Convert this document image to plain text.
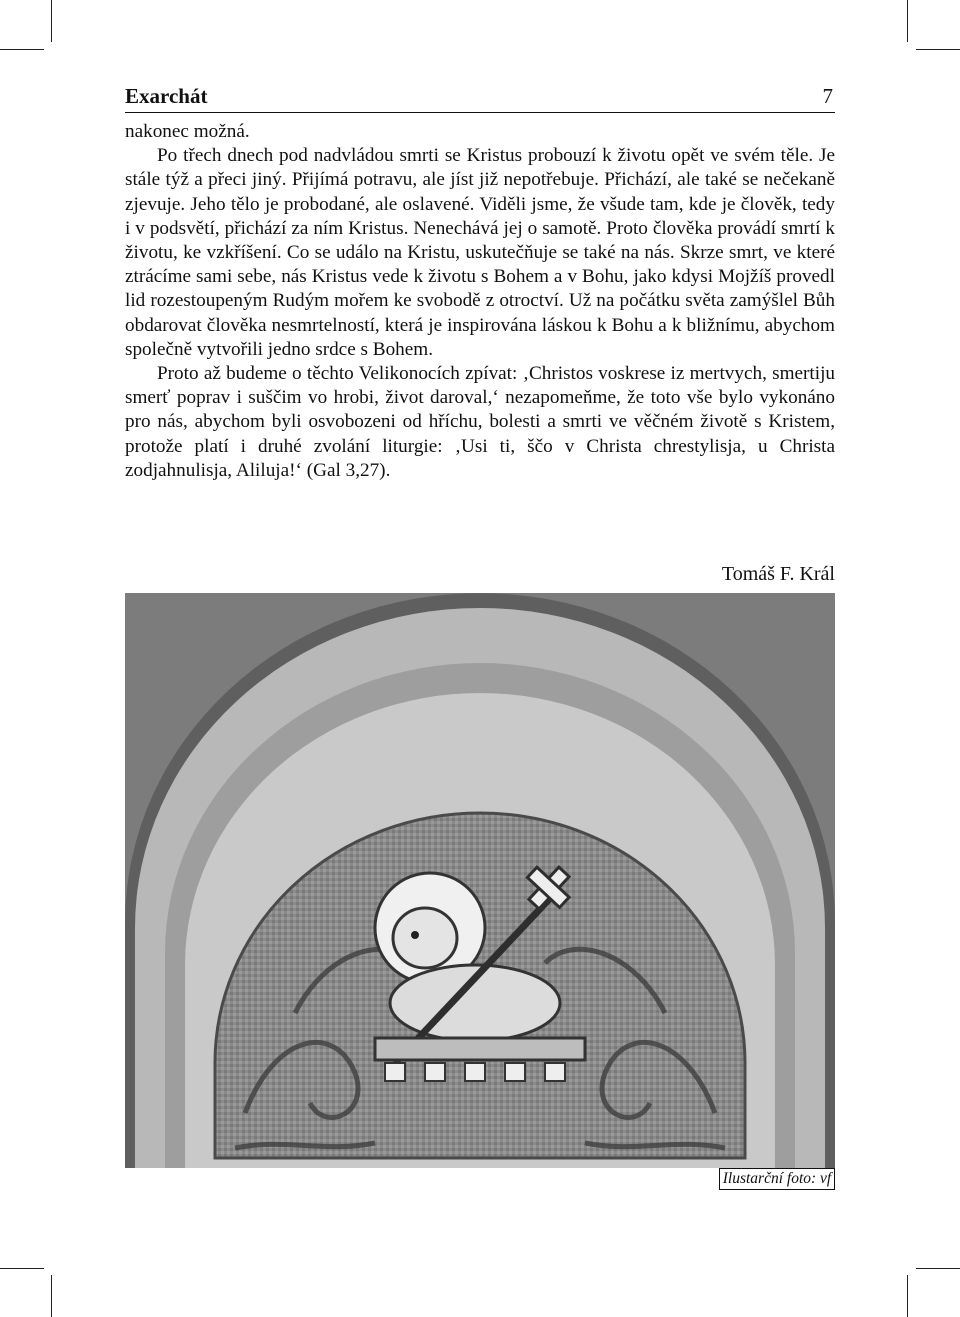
Exarchát	7

nakonec možná.

Po třech dnech pod nadvládou smrti se Kristus probouzí k životu opět ve svém těle. Je stále týž a přeci jiný. Přijímá potravu, ale jíst již nepotřebuje. Přichází, ale také se nečekaně zjevuje. Jeho tělo je probodané, ale oslavené. Viděli jsme, že všude tam, kde je člověk, tedy i v podsvětí, přichází za ním Kristus. Nenechává jej o samotě. Proto člověka provádí smrtí k životu, ke vzkříšení. Co se událo na Kristu, uskutečňuje se také na nás. Skrze smrt, ve které ztrácíme sami sebe, nás Kristus vede k životu s Bohem a v Bohu, jako kdysi Mojžíš provedl lid rozestoupeným Rudým mořem ke svobodě z otroctví. Už na počátku světa zamýšlel Bůh obdarovat člověka nesmrtelností, která je inspirována láskou k Bohu a k bližnímu, abychom společně vytvořili jedno srdce s Bohem.

Proto až budeme o těchto Velikonocích zpívat: ‚Christos voskrese iz mertvych, smertiju smerť poprav i suščim vo hrobi, život daroval,‘ nezapomeňme, že toto vše bylo vykonáno pro nás, abychom byli osvobozeni od hříchu, bolesti a smrti ve věčném životě s Kristem, protože platí i druhé zvolání liturgie: ‚Usi ti, ščo v Christa chrestylisja, u Christa zodjahnulisja, Aliluja!‘ (Gal 3,27).

Tomáš F. Král
Ilustarční foto: vf
